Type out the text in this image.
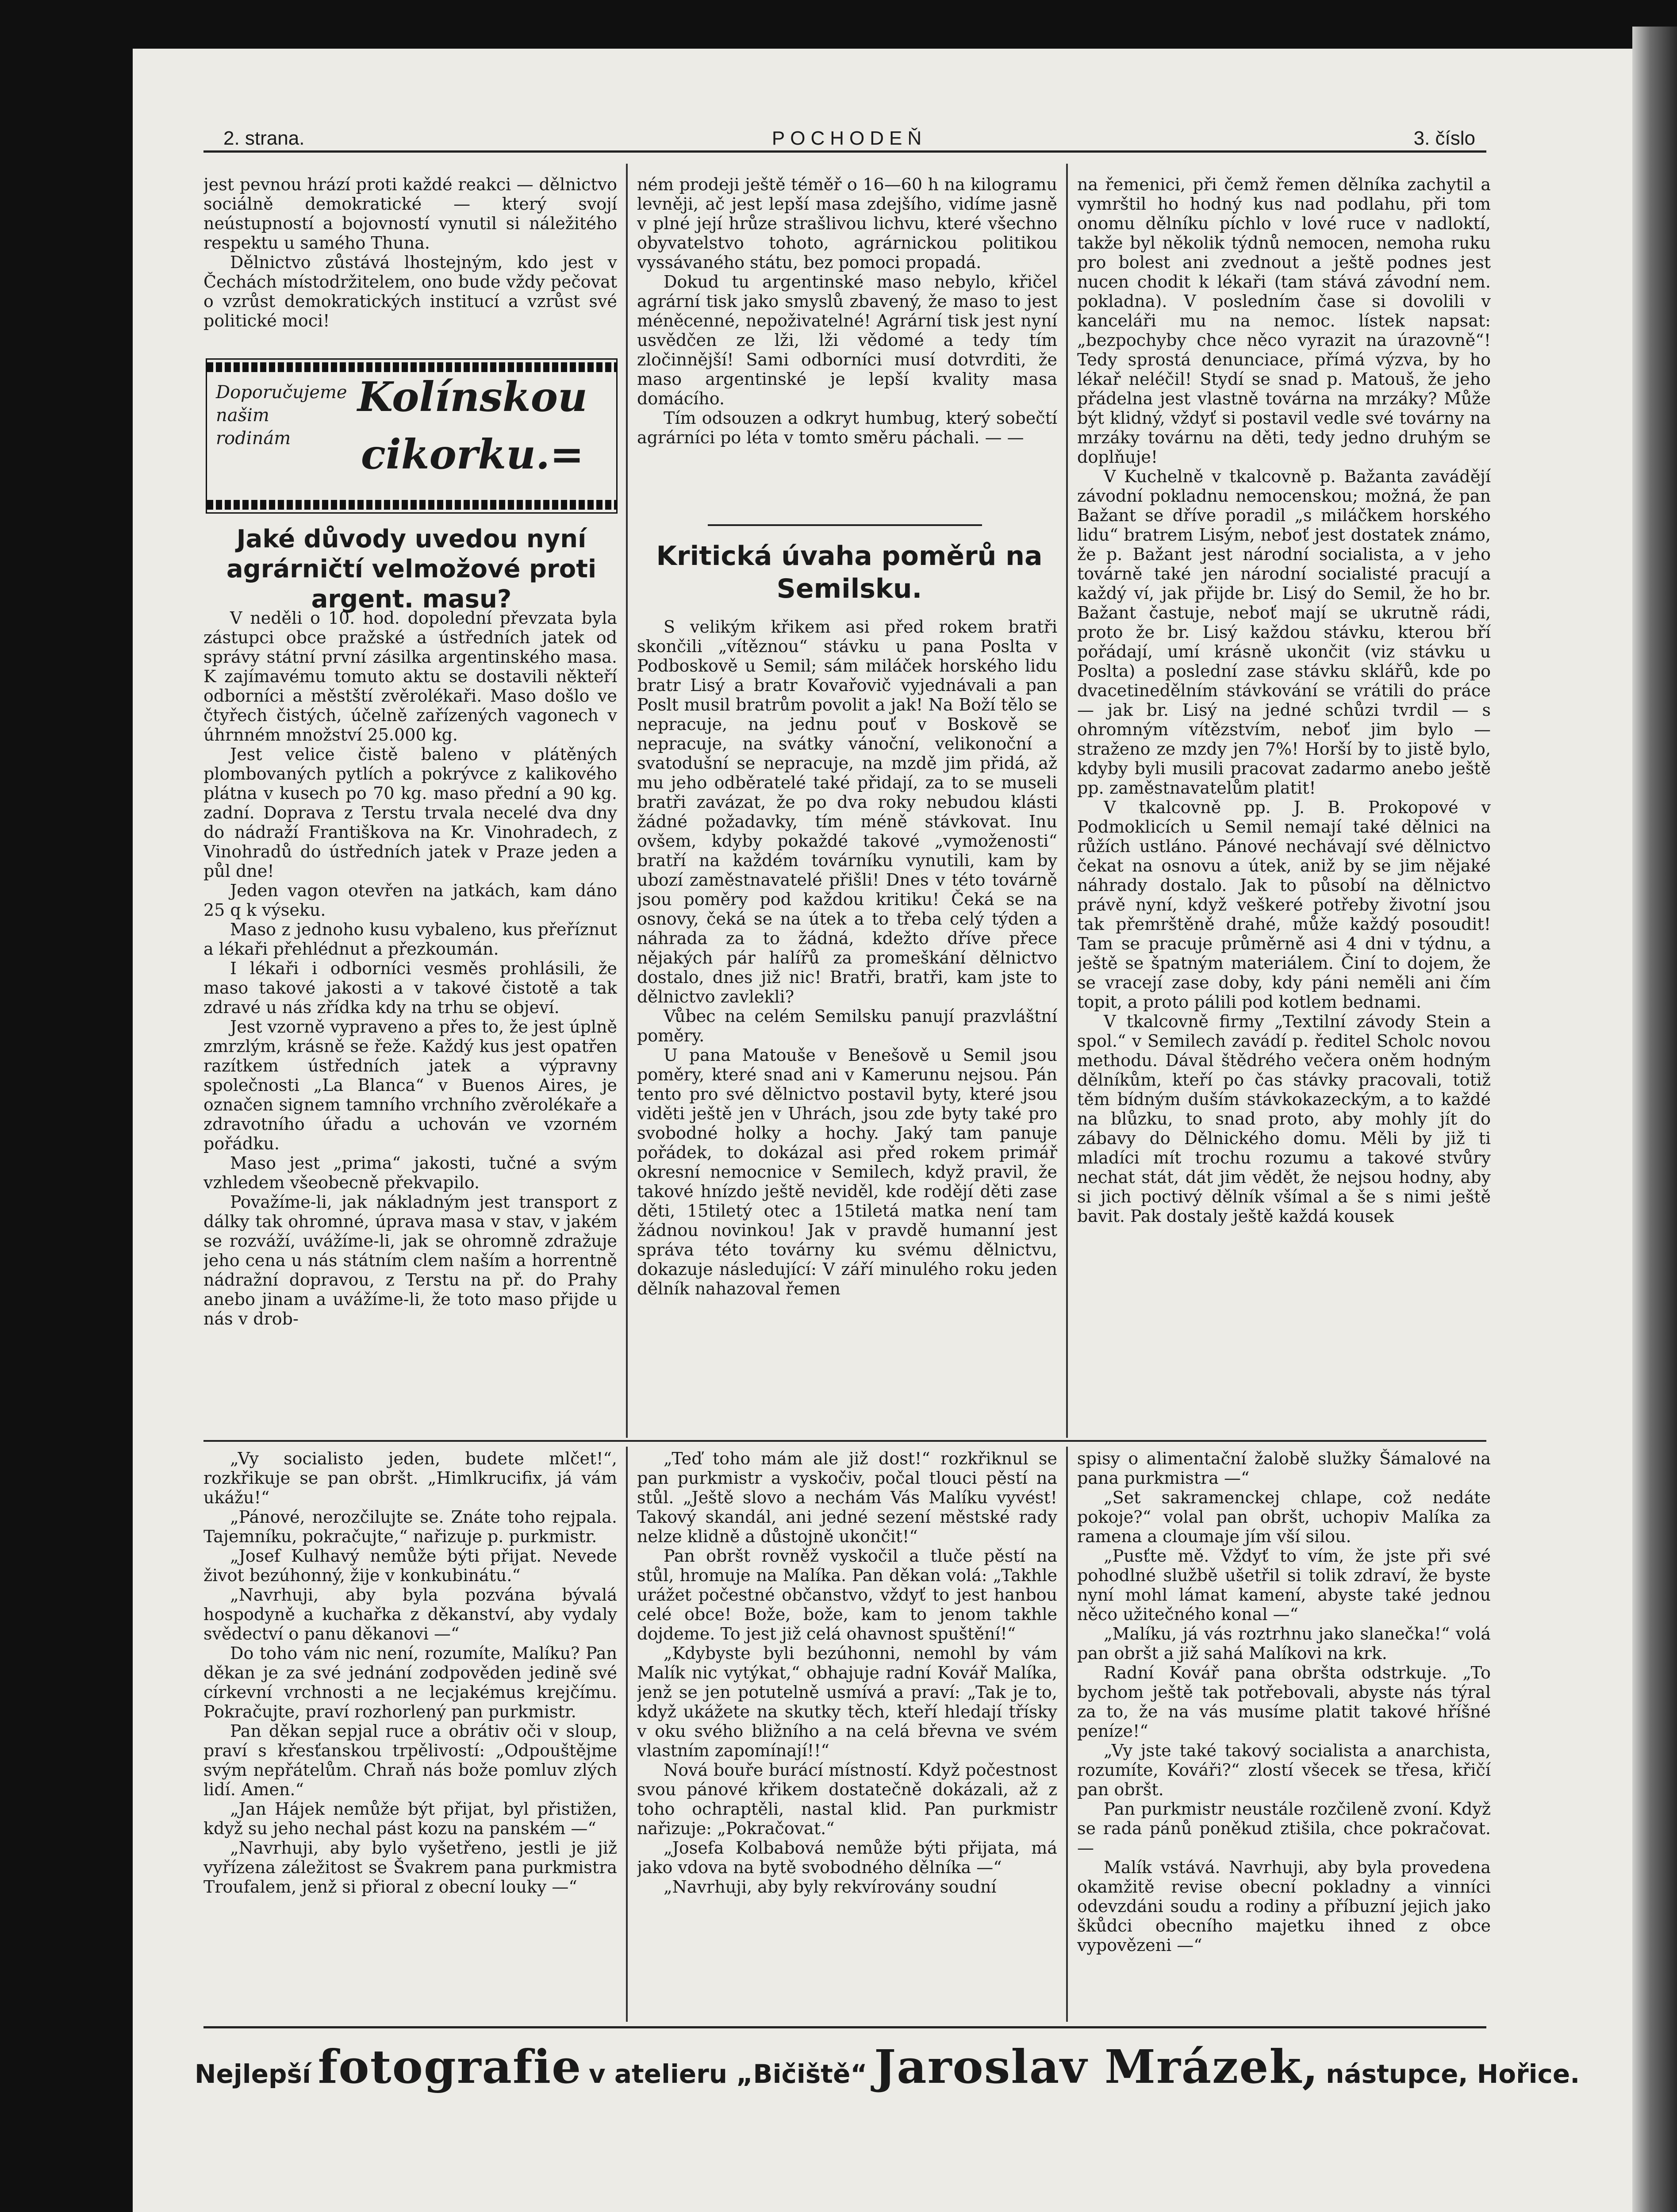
2. strana.	POCHODEŇ	3. číslo

jest pevnou hrází proti každé reakci — dělnictvo sociálně demokratické — který svojí neústupností a bojovností vynutil si náležitého respektu u samého Thuna.

Dělnictvo zůstává lhostejným, kdo jest v Čechách místodržitelem, ono bude vždy pečovat o vzrůst demokratických institucí a vzrůst své politické moci!

Doporučujeme našim rodinám
Kolínskou
cikorku.=
Jaké důvody uvedou nyní agrárničtí velmožové proti argent. masu?

V neděli o 10. hod. dopolední převzata byla zástupci obce pražské a ústředních jatek od správy státní první zásilka argentinského masa. K zajímavému tomuto aktu se dostavili někteří odborníci a městští zvěrolékaři. Maso došlo ve čtyřech čistých, účelně zařízených vagonech v úhrnném množství 25.000 kg.

Jest velice čistě baleno v plátěných plombovaných pytlích a pokrývce z kalikového plátna v kusech po 70 kg. maso přední a 90 kg. zadní. Doprava z Terstu trvala necelé dva dny do nádraží Františkova na Kr. Vinohradech, z Vinohradů do ústředních jatek v Praze jeden a půl dne!

Jeden vagon otevřen na jatkách, kam dáno 25 q k výseku.

Maso z jednoho kusu vybaleno, kus přeříznut a lékaři přehlédnut a přezkoumán.

I lékaři i odborníci vesměs prohlásili, že maso takové jakosti a v takové čistotě a tak zdravé u nás zřídka kdy na trhu se objeví.

Jest vzorně vypraveno a přes to, že jest úplně zmrzlým, krásně se řeže. Každý kus jest opatřen razítkem ústředních jatek a výpravny společnosti „La Blanca“ v Buenos Aires, je označen signem tamního vrchního zvěrolékaře a zdravotního úřadu a uchován ve vzorném pořádku.

Maso jest „prima“ jakosti, tučné a svým vzhledem všeobecně překvapilo.

Považíme-li, jak nákladným jest transport z dálky tak ohromné, úprava masa v stav, v jakém se rozváží, uvážíme-li, jak se ohromně zdražuje jeho cena u nás státním clem naším a horrentně nádražní dopravou, z Terstu na př. do Prahy anebo jinam a uvážíme-li, že toto maso přijde u nás v drob-

ném prodeji ještě téměř o 16—60 h na kilogramu levněji, ač jest lepší masa zdejšího, vidíme jasně v plné její hrůze strašlivou lichvu, které všechno obyvatelstvo tohoto, agrárnickou politikou vyssávaného státu, bez pomoci propadá.

Dokud tu argentinské maso nebylo, křičel agrární tisk jako smyslů zbavený, že maso to jest méněcenné, nepoživatelné! Agrární tisk jest nyní usvědčen ze lži, lži vědomé a tedy tím zločinnější! Sami odborníci musí dotvrditi, že maso argentinské je lepší kvality masa domácího.

Tím odsouzen a odkryt humbug, který sobečtí agrárníci po léta v tomto směru páchali. — —

Kritická úvaha poměrů na Semilsku.

S velikým křikem asi před rokem bratři skončili „vítěznou“ stávku u pana Poslta v Podboskově u Semil; sám miláček horského lidu bratr Lisý a bratr Kovařovič vyjednávali a pan Poslt musil bratrům povolit a jak! Na Boží tělo se nepracuje, na jednu pouť v Boskově se nepracuje, na svátky vánoční, velikonoční a svatodušní se nepracuje, na mzdě jim přidá, až mu jeho odběratelé také přidají, za to se museli bratři zavázat, že po dva roky nebudou klásti žádné požadavky, tím méně stávkovat. Inu ovšem, kdyby pokaždé takové „vymoženosti“ bratří na každém továrníku vynutili, kam by ubozí zaměstnavatelé přišli! Dnes v této továrně jsou poměry pod každou kritiku! Čeká se na osnovy, čeká se na útek a to třeba celý týden a náhrada za to žádná, kdežto dříve přece nějakých pár halířů za promeškání dělnictvo dostalo, dnes již nic! Bratři, bratři, kam jste to dělnictvo zavlekli?

Vůbec na celém Semilsku panují prazvláštní poměry.

U pana Matouše v Benešově u Semil jsou poměry, které snad ani v Kamerunu nejsou. Pán tento pro své dělnictvo postavil byty, které jsou viděti ještě jen v Uhrách, jsou zde byty také pro svobodné holky a hochy. Jaký tam panuje pořádek, to dokázal asi před rokem primář okresní nemocnice v Semilech, když pravil, že takové hnízdo ještě neviděl, kde rodějí děti zase děti, 15tiletý otec a 15tiletá matka není tam žádnou novinkou! Jak v pravdě humanní jest správa této továrny ku svému dělnictvu, dokazuje následující: V září minulého roku jeden dělník nahazoval řemen

na řemenici, při čemž řemen dělníka zachytil a vymrštil ho hodný kus nad podlahu, při tom onomu dělníku píchlo v lové ruce v nadloktí, takže byl několik týdnů nemocen, nemoha ruku pro bolest ani zvednout a ještě podnes jest nucen chodit k lékaři (tam stává závodní nem. pokladna). V posledním čase si dovolili v kanceláři mu na nemoc. lístek napsat: „bezpochyby chce něco vyrazit na úrazovně“! Tedy sprostá denunciace, přímá výzva, by ho lékař neléčil! Stydí se snad p. Matouš, že jeho přádelna jest vlastně továrna na mrzáky? Může být klidný, vždyť si postavil vedle své továrny na mrzáky továrnu na děti, tedy jedno druhým se doplňuje!

V Kuchelně v tkalcovně p. Bažanta zavádějí závodní pokladnu nemocenskou; možná, že pan Bažant se dříve poradil „s miláčkem horského lidu“ bratrem Lisým, neboť jest dostatek známo, že p. Bažant jest národní socialista, a v jeho továrně také jen národní socialisté pracují a každý ví, jak přijde br. Lisý do Semil, že ho br. Bažant častuje, neboť mají se ukrutně rádi, proto že br. Lisý každou stávku, kterou bří pořádají, umí krásně ukončit (viz stávku u Poslta) a poslední zase stávku sklářů, kde po dvacetinedělním stávkování se vrátili do práce — jak br. Lisý na jedné schůzi tvrdil — s ohromným vítězstvím, neboť jim bylo — straženo ze mzdy jen 7%! Horší by to jistě bylo, kdyby byli musili pracovat zadarmo anebo ještě pp. zaměstnavatelům platit!

V tkalcovně pp. J. B. Prokopové v Podmoklicích u Semil nemají také dělnici na růžích ustláno. Pánové nechávají své dělnictvo čekat na osnovu a útek, aniž by se jim nějaké náhrady dostalo. Jak to působí na dělnictvo právě nyní, když veškeré potřeby životní jsou tak přemrštěně drahé, může každý posoudit! Tam se pracuje průměrně asi 4 dni v týdnu, a ještě se špatným materiálem. Činí to dojem, že se vracejí zase doby, kdy páni neměli ani čím topit, a proto pálili pod kotlem bednami.

V tkalcovně firmy „Textilní závody Stein a spol.“ v Semilech zavádí p. ředitel Scholc novou methodu. Dával štědrého večera oněm hodným dělníkům, kteří po čas stávky pracovali, totiž těm bídným duším stávkokazeckým, a to každé na blůzku, to snad proto, aby mohly jít do zábavy do Dělnického domu. Měli by již ti mladíci mít trochu rozumu a takové stvůry nechat stát, dát jim vědět, že nejsou hodny, aby si jich poctivý dělník všímal a še s nimi ještě bavit. Pak dostaly ještě každá kousek

„Vy socialisto jeden, budete mlčet!“, rozkřikuje se pan obršt. „Himlkrucifix, já vám ukážu!“

„Pánové, nerozčilujte se. Znáte toho rejpala. Tajemníku, pokračujte,“ nařizuje p. purkmistr.

„Josef Kulhavý nemůže býti přijat. Nevede život bezúhonný, žije v konkubinátu.“

„Navrhuji, aby byla pozvána bývalá hospodyně a kuchařka z děkanství, aby vydaly svědectví o panu děkanovi —“

Do toho vám nic není, rozumíte, Malíku? Pan děkan je za své jednání zodpověden jedině své církevní vrchnosti a ne lecjakémus krejčímu. Pokračujte, praví rozhorlený pan purkmistr.

Pan děkan sepjal ruce a obrátiv oči v sloup, praví s křesťanskou trpělivostí: „Odpouštějme svým nepřátelům. Chraň nás bože pomluv zlých lidí. Amen.“

„Jan Hájek nemůže být přijat, byl přistižen, když su jeho nechal pást kozu na panském —“

„Navrhuji, aby bylo vyšetřeno, jestli je již vyřízena záležitost se Švakrem pana purkmistra Troufalem, jenž si přioral z obecní louky —“

„Teď toho mám ale již dost!“ rozkřiknul se pan purkmistr a vyskočiv, počal tlouci pěstí na stůl. „Ještě slovo a nechám Vás Malíku vyvést! Takový skandál, ani jedné sezení městské rady nelze klidně a důstojně ukončit!“

Pan obršt rovněž vyskočil a tluče pěstí na stůl, hromuje na Malíka. Pan děkan volá: „Takhle urážet počestné občanstvo, vždyť to jest hanbou celé obce! Bože, bože, kam to jenom takhle dojdeme. To jest již celá ohavnost spuštění!“

„Kdybyste byli bezúhonni, nemohl by vám Malík nic vytýkat,“ obhajuje radní Kovář Malíka, jenž se jen potutelně usmívá a praví: „Tak je to, když ukážete na skutky těch, kteří hledají třísky v oku svého bližního a na celá břevna ve svém vlastním zapomínají!!“

Nová bouře burácí místností. Když počestnost svou pánové křikem dostatečně dokázali, až z toho ochraptěli, nastal klid. Pan purkmistr nařizuje: „Pokračovat.“

„Josefa Kolbabová nemůže býti přijata, má jako vdova na bytě svobodného dělníka —“

„Navrhuji, aby byly rekvírovány soudní

spisy o alimentační žalobě služky Šámalové na pana purkmistra —“

„Set sakramenckej chlape, což nedáte pokoje?“ volal pan obršt, uchopiv Malíka za ramena a cloumaje jím vší silou.

„Pusťte mě. Vždyť to vím, že jste při své pohodlné službě ušetřil si tolik zdraví, že byste nyní mohl lámat kamení, abyste také jednou něco užitečného konal —“

„Malíku, já vás roztrhnu jako slanečka!“ volá pan obršt a již sahá Malíkovi na krk.

Radní Kovář pana obršta odstrkuje. „To bychom ještě tak potřebovali, abyste nás týral za to, že na vás musíme platit takové hříšné peníze!“

„Vy jste také takový socialista a anarchista, rozumíte, Kováři?“ zlostí všecek se třesa, křičí pan obršt.

Pan purkmistr neustále rozčileně zvoní. Když se rada pánů poněkud ztišila, chce pokračovat. —

Malík vstává. Navrhuji, aby byla provedena okamžitě revise obecní pokladny a vinníci odevzdáni soudu a rodiny a příbuzní jejich jako škůdci obecního majetku ihned z obce vypovězeni —“

Nejlepší fotografie v atelieru „Bičiště“ Jaroslav Mrázek, nástupce, Hořice.
